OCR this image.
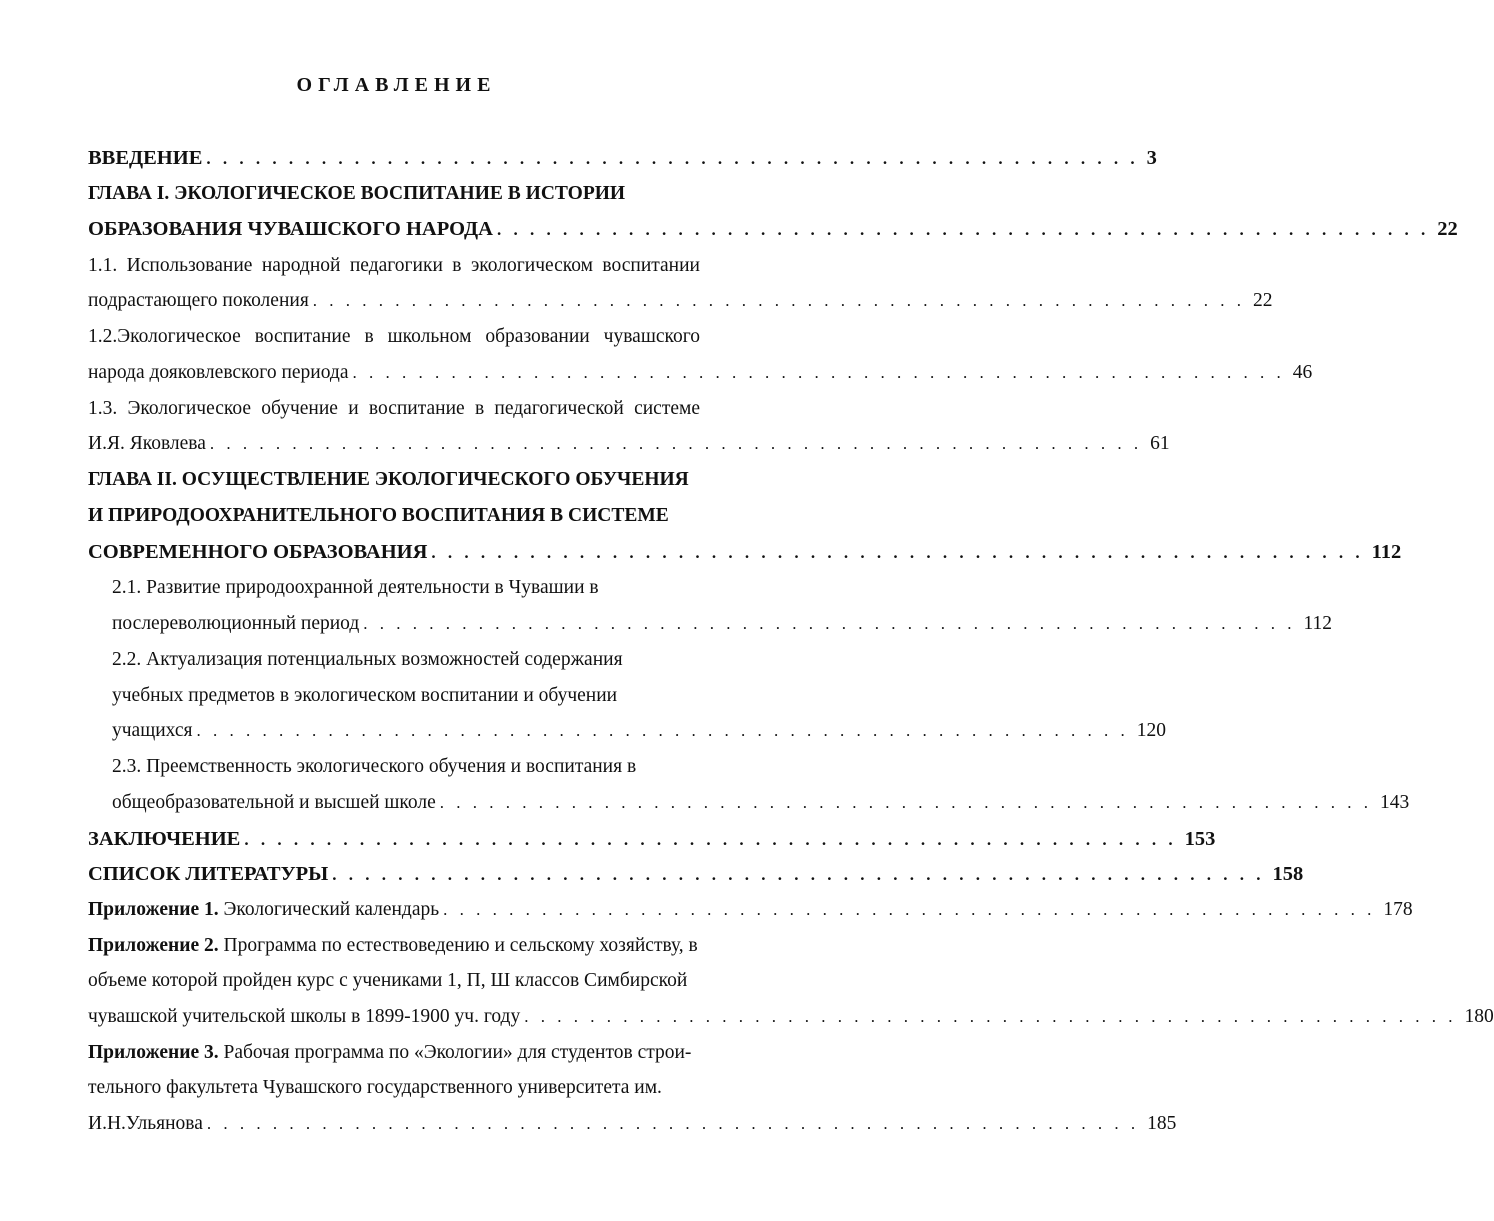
ОГЛАВЛЕНИЕ
ВВЕДЕНИЕ . . . . . . . . . . . . . . . . . . . . . . . . . . . . . . . . . . . . . . . . . . . . . . . . . . . . . . . . . 3
ГЛАВА I. ЭКОЛОГИЧЕСКОЕ ВОСПИТАНИЕ В ИСТОРИИ
ОБРАЗОВАНИЯ ЧУВАШСКОГО НАРОДА . . . . . . . . . . . . . . . . . . . . . . . . . . . . . . . . . . . . . . . . . . . . . . . . . . . . . . . . . 22
1.1. Использование народной педагогики в экологическом воспитании
подрастающего поколения . . . . . . . . . . . . . . . . . . . . . . . . . . . . . . . . . . . . . . . . . . . . . . . . . . . . . . . . . 22
1.2.Экологическое воспитание в школьном образовании чувашского
народа дояковлевского периода . . . . . . . . . . . . . . . . . . . . . . . . . . . . . . . . . . . . . . . . . . . . . . . . . . . . . . . . . 46
1.3. Экологическое обучение и воспитание в педагогической системе
И.Я. Яковлева . . . . . . . . . . . . . . . . . . . . . . . . . . . . . . . . . . . . . . . . . . . . . . . . . . . . . . . . . 61
ГЛАВА II. ОСУЩЕСТВЛЕНИЕ ЭКОЛОГИЧЕСКОГО ОБУЧЕНИЯ
И ПРИРОДООХРАНИТЕЛЬНОГО ВОСПИТАНИЯ В СИСТЕМЕ
СОВРЕМЕННОГО ОБРАЗОВАНИЯ . . . . . . . . . . . . . . . . . . . . . . . . . . . . . . . . . . . . . . . . . . . . . . . . . . . . . . . . . 112
2.1. Развитие природоохранной деятельности в Чувашии в
послереволюционный период . . . . . . . . . . . . . . . . . . . . . . . . . . . . . . . . . . . . . . . . . . . . . . . . . . . . . . . . . 112
2.2. Актуализация потенциальных возможностей содержания
учебных предметов в экологическом воспитании и обучении
учащихся . . . . . . . . . . . . . . . . . . . . . . . . . . . . . . . . . . . . . . . . . . . . . . . . . . . . . . . . . 120
2.3. Преемственность экологического обучения и воспитания в
общеобразовательной и высшей школе . . . . . . . . . . . . . . . . . . . . . . . . . . . . . . . . . . . . . . . . . . . . . . . . . . . . . . . . . 143
ЗАКЛЮЧЕНИЕ . . . . . . . . . . . . . . . . . . . . . . . . . . . . . . . . . . . . . . . . . . . . . . . . . . . . . . . . . 153
СПИСОК ЛИТЕРАТУРЫ . . . . . . . . . . . . . . . . . . . . . . . . . . . . . . . . . . . . . . . . . . . . . . . . . . . . . . . . . 158
Приложение 1. Экологический календарь . . . . . . . . . . . . . . . . . . . . . . . . . . . . . . . . . . . . . . . . . . . . . . . . . . . . . . . . . 178
Приложение 2. Программа по естествоведению и сельскому хозяйству, в
объеме которой пройден курс с учениками 1, П, Ш классов Симбирской
чувашской учительской школы в 1899-1900 уч. году . . . . . . . . . . . . . . . . . . . . . . . . . . . . . . . . . . . . . . . . . . . . . . . . . . . . . . . . . 180
Приложение 3. Рабочая программа по «Экологии» для студентов строи-
тельного факультета Чувашского государственного университета им.
И.Н.Ульянова . . . . . . . . . . . . . . . . . . . . . . . . . . . . . . . . . . . . . . . . . . . . . . . . . . . . . . . . . 185
